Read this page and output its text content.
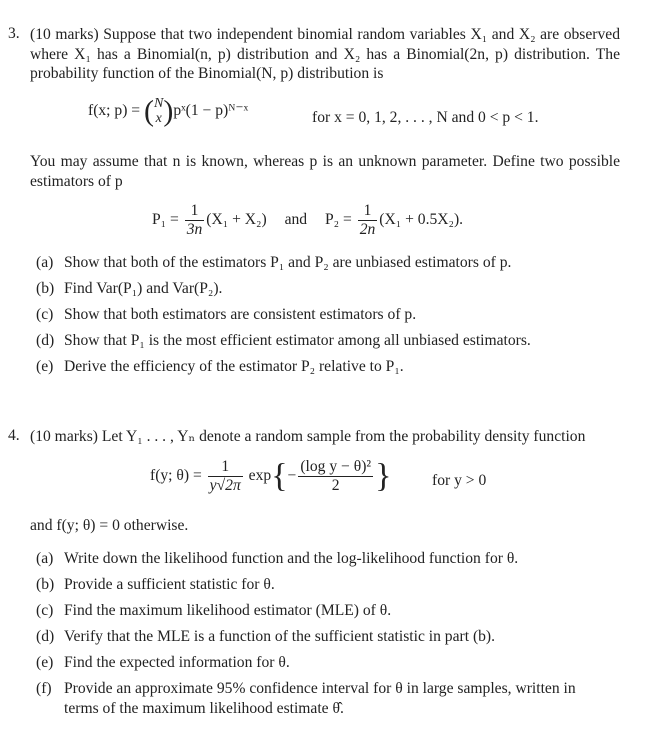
3. (10 marks) Suppose that two independent binomial random variables X₁ and X₂ are observed where X₁ has a Binomial(n, p) distribution and X₂ has a Binomial(2n, p) distribution. The probability function of the Binomial(N, p) distribution is
f(x; p) = ( N
x )pˣ(1 − p)ᴺ⁻ˣ	for x = 0, 1, 2, . . . , N and 0 < p < 1.
You may assume that n is known, whereas p is an unknown parameter. Define two possible estimators of p
$P_1 = \frac{1}{3n} (X_1 + X_2)$ and $P_2 = \frac{1}{2n} (X_1 + 0.5X_2)$.
(a) Show that both of the estimators P₁ and P₂ are unbiased estimators of p.
(b) Find Var(P₁) and Var(P₂).
(c) Show that both estimators are consistent estimators of p.
(d) Show that P₁ is the most efficient estimator among all unbiased estimators.
(e) Derive the efficiency of the estimator P₂ relative to P₁.
4. (10 marks) Let Y₁ . . . , Yₙ denote a random sample from the probability density function
f(y; $\theta) = \frac{1}{y√2\pi} \exp\{- \frac{\text{(log y − θ)²}}{2}$ }	for y > 0
and f(y; θ) = 0 otherwise.
(a) Write down the likelihood function and the log-likelihood function for θ.
(b) Provide a sufficient statistic for θ.
(c) Find the maximum likelihood estimator (MLE) of θ.
(d) Verify that the MLE is a function of the sufficient statistic in part (b).
(e) Find the expected information for θ.
(f) Provide an approximate 95% confidence interval for θ in large samples, written in
terms of the maximum likelihood estimate θ̂.
